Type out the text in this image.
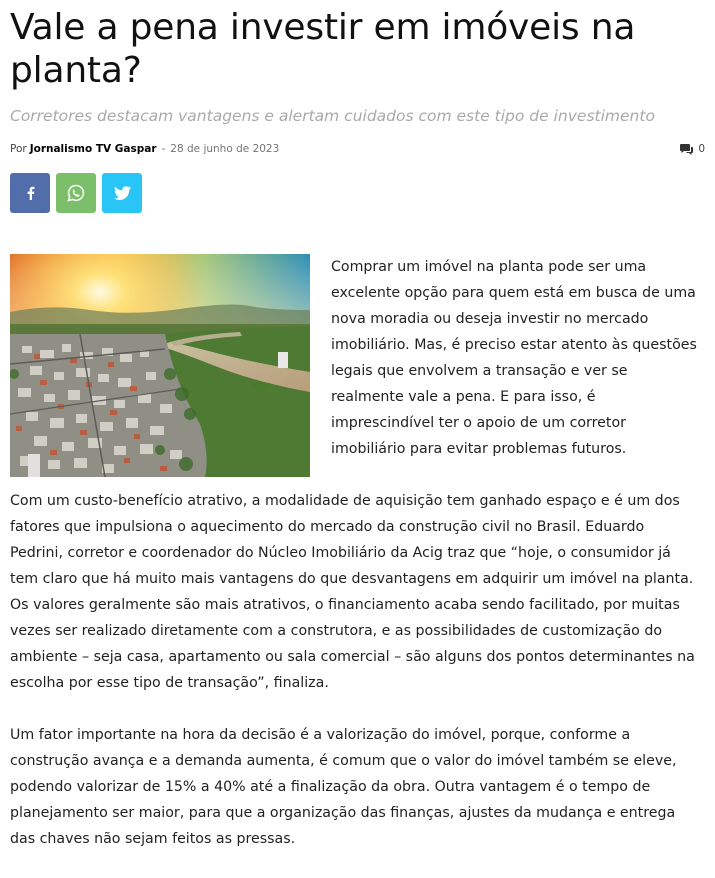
Vale a pena investir em imóveis na planta?
Corretores destacam vantagens e alertam cuidados com este tipo de investimento
Por Jornalismo TV Gaspar - 28 de junho de 2023	0

Comprar um imóvel na planta pode ser uma excelente opção para quem está em busca de uma nova moradia ou deseja investir no mercado imobiliário. Mas, é preciso estar atento às questões legais que envolvem a transação e ver se realmente vale a pena. E para isso, é imprescindível ter o apoio de um corretor imobiliário para evitar problemas futuros.

Com um custo-benefício atrativo, a modalidade de aquisição tem ganhado espaço e é um dos fatores que impulsiona o aquecimento do mercado da construção civil no Brasil. Eduardo Pedrini, corretor e coordenador do Núcleo Imobiliário da Acig traz que “hoje, o consumidor já tem claro que há muito mais vantagens do que desvantagens em adquirir um imóvel na planta. Os valores geralmente são mais atrativos, o financiamento acaba sendo facilitado, por muitas vezes ser realizado diretamente com a construtora, e as possibilidades de customização do ambiente – seja casa, apartamento ou sala comercial – são alguns dos pontos determinantes na escolha por esse tipo de transação”, finaliza.

Um fator importante na hora da decisão é a valorização do imóvel, porque, conforme a construção avança e a demanda aumenta, é comum que o valor do imóvel também se eleve, podendo valorizar de 15% a 40% até a finalização da obra. Outra vantagem é o tempo de planejamento ser maior, para que a organização das finanças, ajustes da mudança e entrega das chaves não sejam feitos as pressas.
